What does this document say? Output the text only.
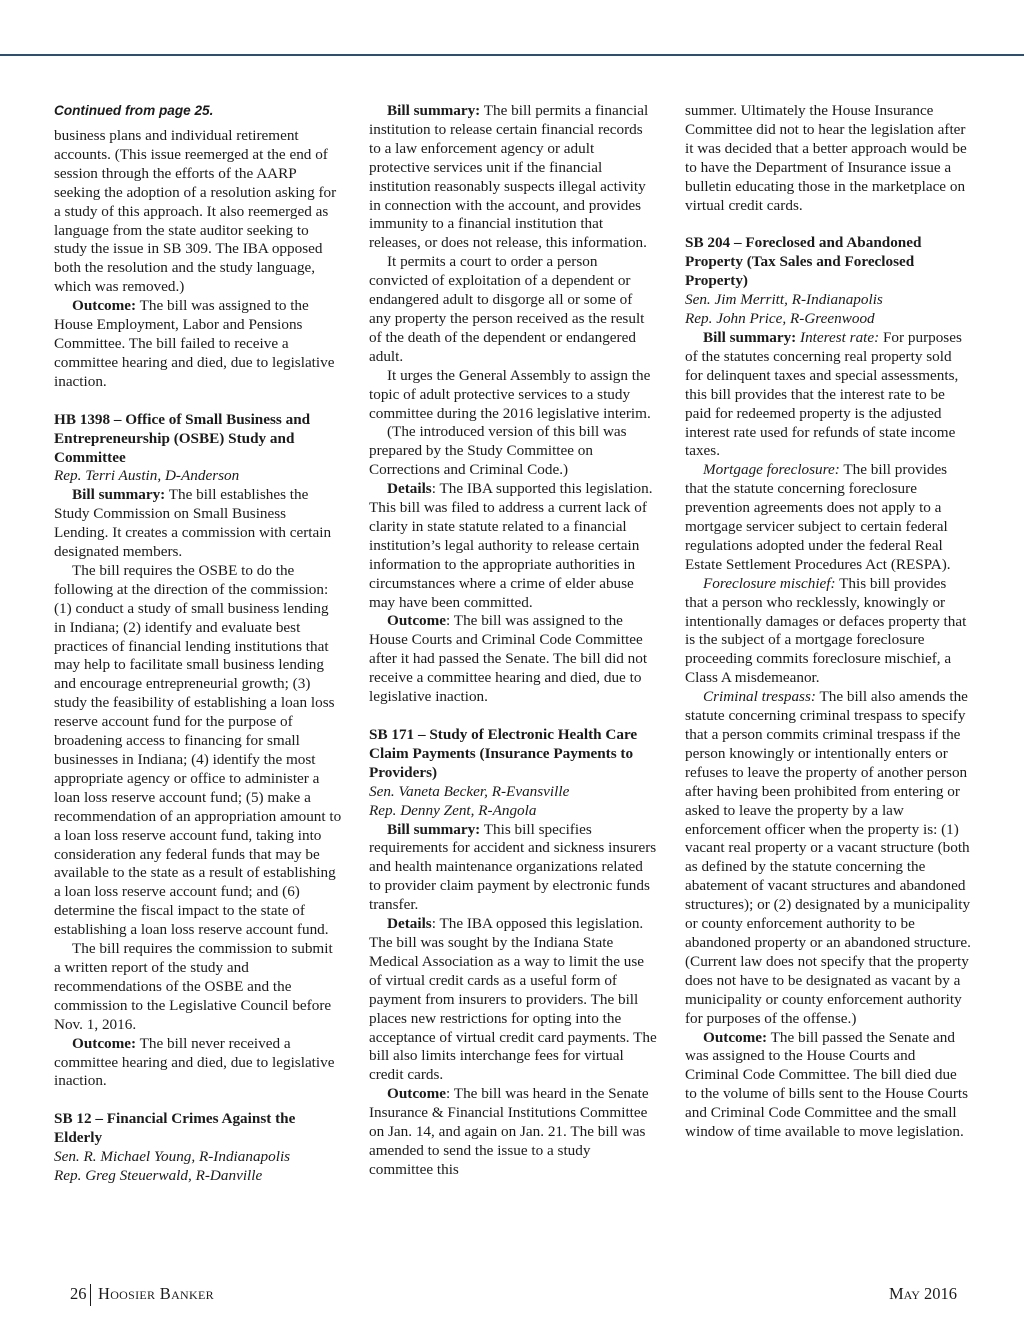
Continued from page 25.

business plans and individual retirement accounts. (This issue reemerged at the end of session through the efforts of the AARP seeking the adoption of a resolution asking for a study of this approach. It also reemerged as language from the state auditor seeking to study the issue in SB 309. The IBA opposed both the resolution and the study language, which was removed.)

Outcome: The bill was assigned to the House Employment, Labor and Pensions Committee. The bill failed to receive a committee hearing and died, due to legislative inaction.

HB 1398 – Office of Small Business and Entrepreneurship (OSBE) Study and Committee

Rep. Terri Austin, D-Anderson

Bill summary: The bill establishes the Study Commission on Small Business Lending. It creates a commission with certain designated members.

The bill requires the OSBE to do the following at the direction of the commission: (1) conduct a study of small business lending in Indiana; (2) identify and evaluate best practices of financial lending institutions that may help to facilitate small business lending and encourage entrepreneurial growth; (3) study the feasibility of establishing a loan loss reserve account fund for the purpose of broadening access to financing for small businesses in Indiana; (4) identify the most appropriate agency or office to administer a loan loss reserve account fund; (5) make a recommendation of an appropriation amount to a loan loss reserve account fund, taking into consideration any federal funds that may be available to the state as a result of establishing a loan loss reserve account fund; and (6) determine the fiscal impact to the state of establishing a loan loss reserve account fund.

The bill requires the commission to submit a written report of the study and recommendations of the OSBE and the commission to the Legislative Council before Nov. 1, 2016.

Outcome: The bill never received a committee hearing and died, due to legislative inaction.

SB 12 – Financial Crimes Against the Elderly

Sen. R. Michael Young, R-Indianapolis

Rep. Greg Steuerwald, R-Danville

Bill summary: The bill permits a financial institution to release certain financial records to a law enforcement agency or adult protective services unit if the financial institution reasonably suspects illegal activity in connection with the account, and provides immunity to a financial institution that releases, or does not release, this information.

It permits a court to order a person convicted of exploitation of a dependent or endangered adult to disgorge all or some of any property the person received as the result of the death of the dependent or endangered adult.

It urges the General Assembly to assign the topic of adult protective services to a study committee during the 2016 legislative interim.

(The introduced version of this bill was prepared by the Study Committee on Corrections and Criminal Code.)

Details: The IBA supported this legislation. This bill was filed to address a current lack of clarity in state statute related to a financial institution’s legal authority to release certain information to the appropriate authorities in circumstances where a crime of elder abuse may have been committed.

Outcome: The bill was assigned to the House Courts and Criminal Code Committee after it had passed the Senate. The bill did not receive a committee hearing and died, due to legislative inaction.

SB 171 – Study of Electronic Health Care Claim Payments (Insurance Payments to Providers)

Sen. Vaneta Becker, R-Evansville

Rep. Denny Zent, R-Angola

Bill summary: This bill specifies requirements for accident and sickness insurers and health maintenance organizations related to provider claim payment by electronic funds transfer.

Details: The IBA opposed this legislation. The bill was sought by the Indiana State Medical Association as a way to limit the use of virtual credit cards as a useful form of payment from insurers to providers. The bill places new restrictions for opting into the acceptance of virtual credit card payments. The bill also limits interchange fees for virtual credit cards.

Outcome: The bill was heard in the Senate Insurance & Financial Institutions Committee on Jan. 14, and again on Jan. 21. The bill was amended to send the issue to a study committee this

summer. Ultimately the House Insurance Committee did not to hear the legislation after it was decided that a better approach would be to have the Department of Insurance issue a bulletin educating those in the marketplace on virtual credit cards.

SB 204 – Foreclosed and Abandoned Property (Tax Sales and Foreclosed Property)

Sen. Jim Merritt, R-Indianapolis

Rep. John Price, R-Greenwood

Bill summary: Interest rate: For purposes of the statutes concerning real property sold for delinquent taxes and special assessments, this bill provides that the interest rate to be paid for redeemed property is the adjusted interest rate used for refunds of state income taxes.

Mortgage foreclosure: The bill provides that the statute concerning foreclosure prevention agreements does not apply to a mortgage servicer subject to certain federal regulations adopted under the federal Real Estate Settlement Procedures Act (RESPA).

Foreclosure mischief: This bill provides that a person who recklessly, knowingly or intentionally damages or defaces property that is the subject of a mortgage foreclosure proceeding commits foreclosure mischief, a Class A misdemeanor.

Criminal trespass: The bill also amends the statute concerning criminal trespass to specify that a person commits criminal trespass if the person knowingly or intentionally enters or refuses to leave the property of another person after having been prohibited from entering or asked to leave the property by a law enforcement officer when the property is: (1) vacant real property or a vacant structure (both as defined by the statute concerning the abatement of vacant structures and abandoned structures); or (2) designated by a municipality or county enforcement authority to be abandoned property or an abandoned structure. (Current law does not specify that the property does not have to be designated as vacant by a municipality or county enforcement authority for purposes of the offense.)

Outcome: The bill passed the Senate and was assigned to the House Courts and Criminal Code Committee. The bill died due to the volume of bills sent to the House Courts and Criminal Code Committee and the small window of time available to move legislation.

26 Hoosier Banker	May 2016
